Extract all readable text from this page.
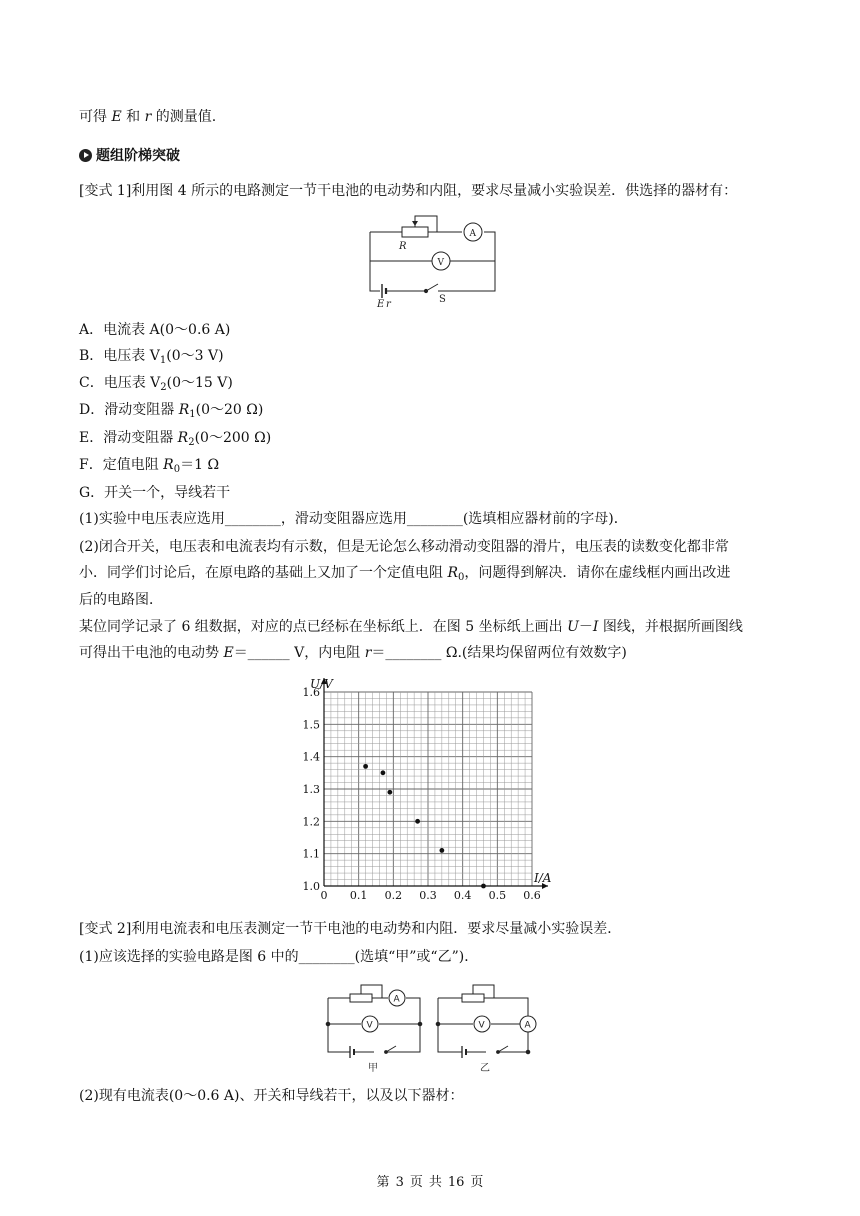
可得 E 和 r 的测量值.
题组阶梯突破
[变式 1]利用图 4 所示的电路测定一节干电池的电动势和内阻，要求尽量减小实验误差．供选择的器材有：
R
A
V
E r	S
A．电流表 A(0～0.6 A)
B．电压表 $V_1(0\sim 3$ V)
C．电压表 $V_2(0\sim 15$ V)
D．滑动变阻器 $R_1(0\sim 20$ Ω)
E．滑动变阻器 $R_2(0\sim 200$ Ω)
F．定值电阻 $R_0=1$ Ω
G．开关一个，导线若干
(1)实验中电压表应选用________，滑动变阻器应选用________(选填相应器材前的字母)．
(2)闭合开关，电压表和电流表均有示数，但是无论怎么移动滑动变阻器的滑片，电压表的读数变化都非常
小．同学们讨论后，在原电路的基础上又加了一个定值电阻 $R_0$，问题得到解决．请你在虚线框内画出改进
后的电路图．
某位同学记录了 6 组数据，对应的点已经标在坐标纸上．在图 5 坐标纸上画出 U－I 图线，并根据所画图线
可得出干电池的电动势 E＝______ V，内电阻 r＝________ Ω.(结果均保留两位有效数字)
0 0.1 0.2 0.3 0.4 0.5 0.6
1.0
1.1
1.2
1.3
1.4
1.5
1.6
U/V
I/A
[变式 2]利用电流表和电压表测定一节干电池的电动势和内阻．要求尽量减小实验误差．
(1)应该选择的实验电路是图 6 中的________(选填“甲”或“乙”)．
A
V	V	A
甲	乙
(2)现有电流表(0～0.6 A)、开关和导线若干，以及以下器材：
第 3 页 共 16 页
